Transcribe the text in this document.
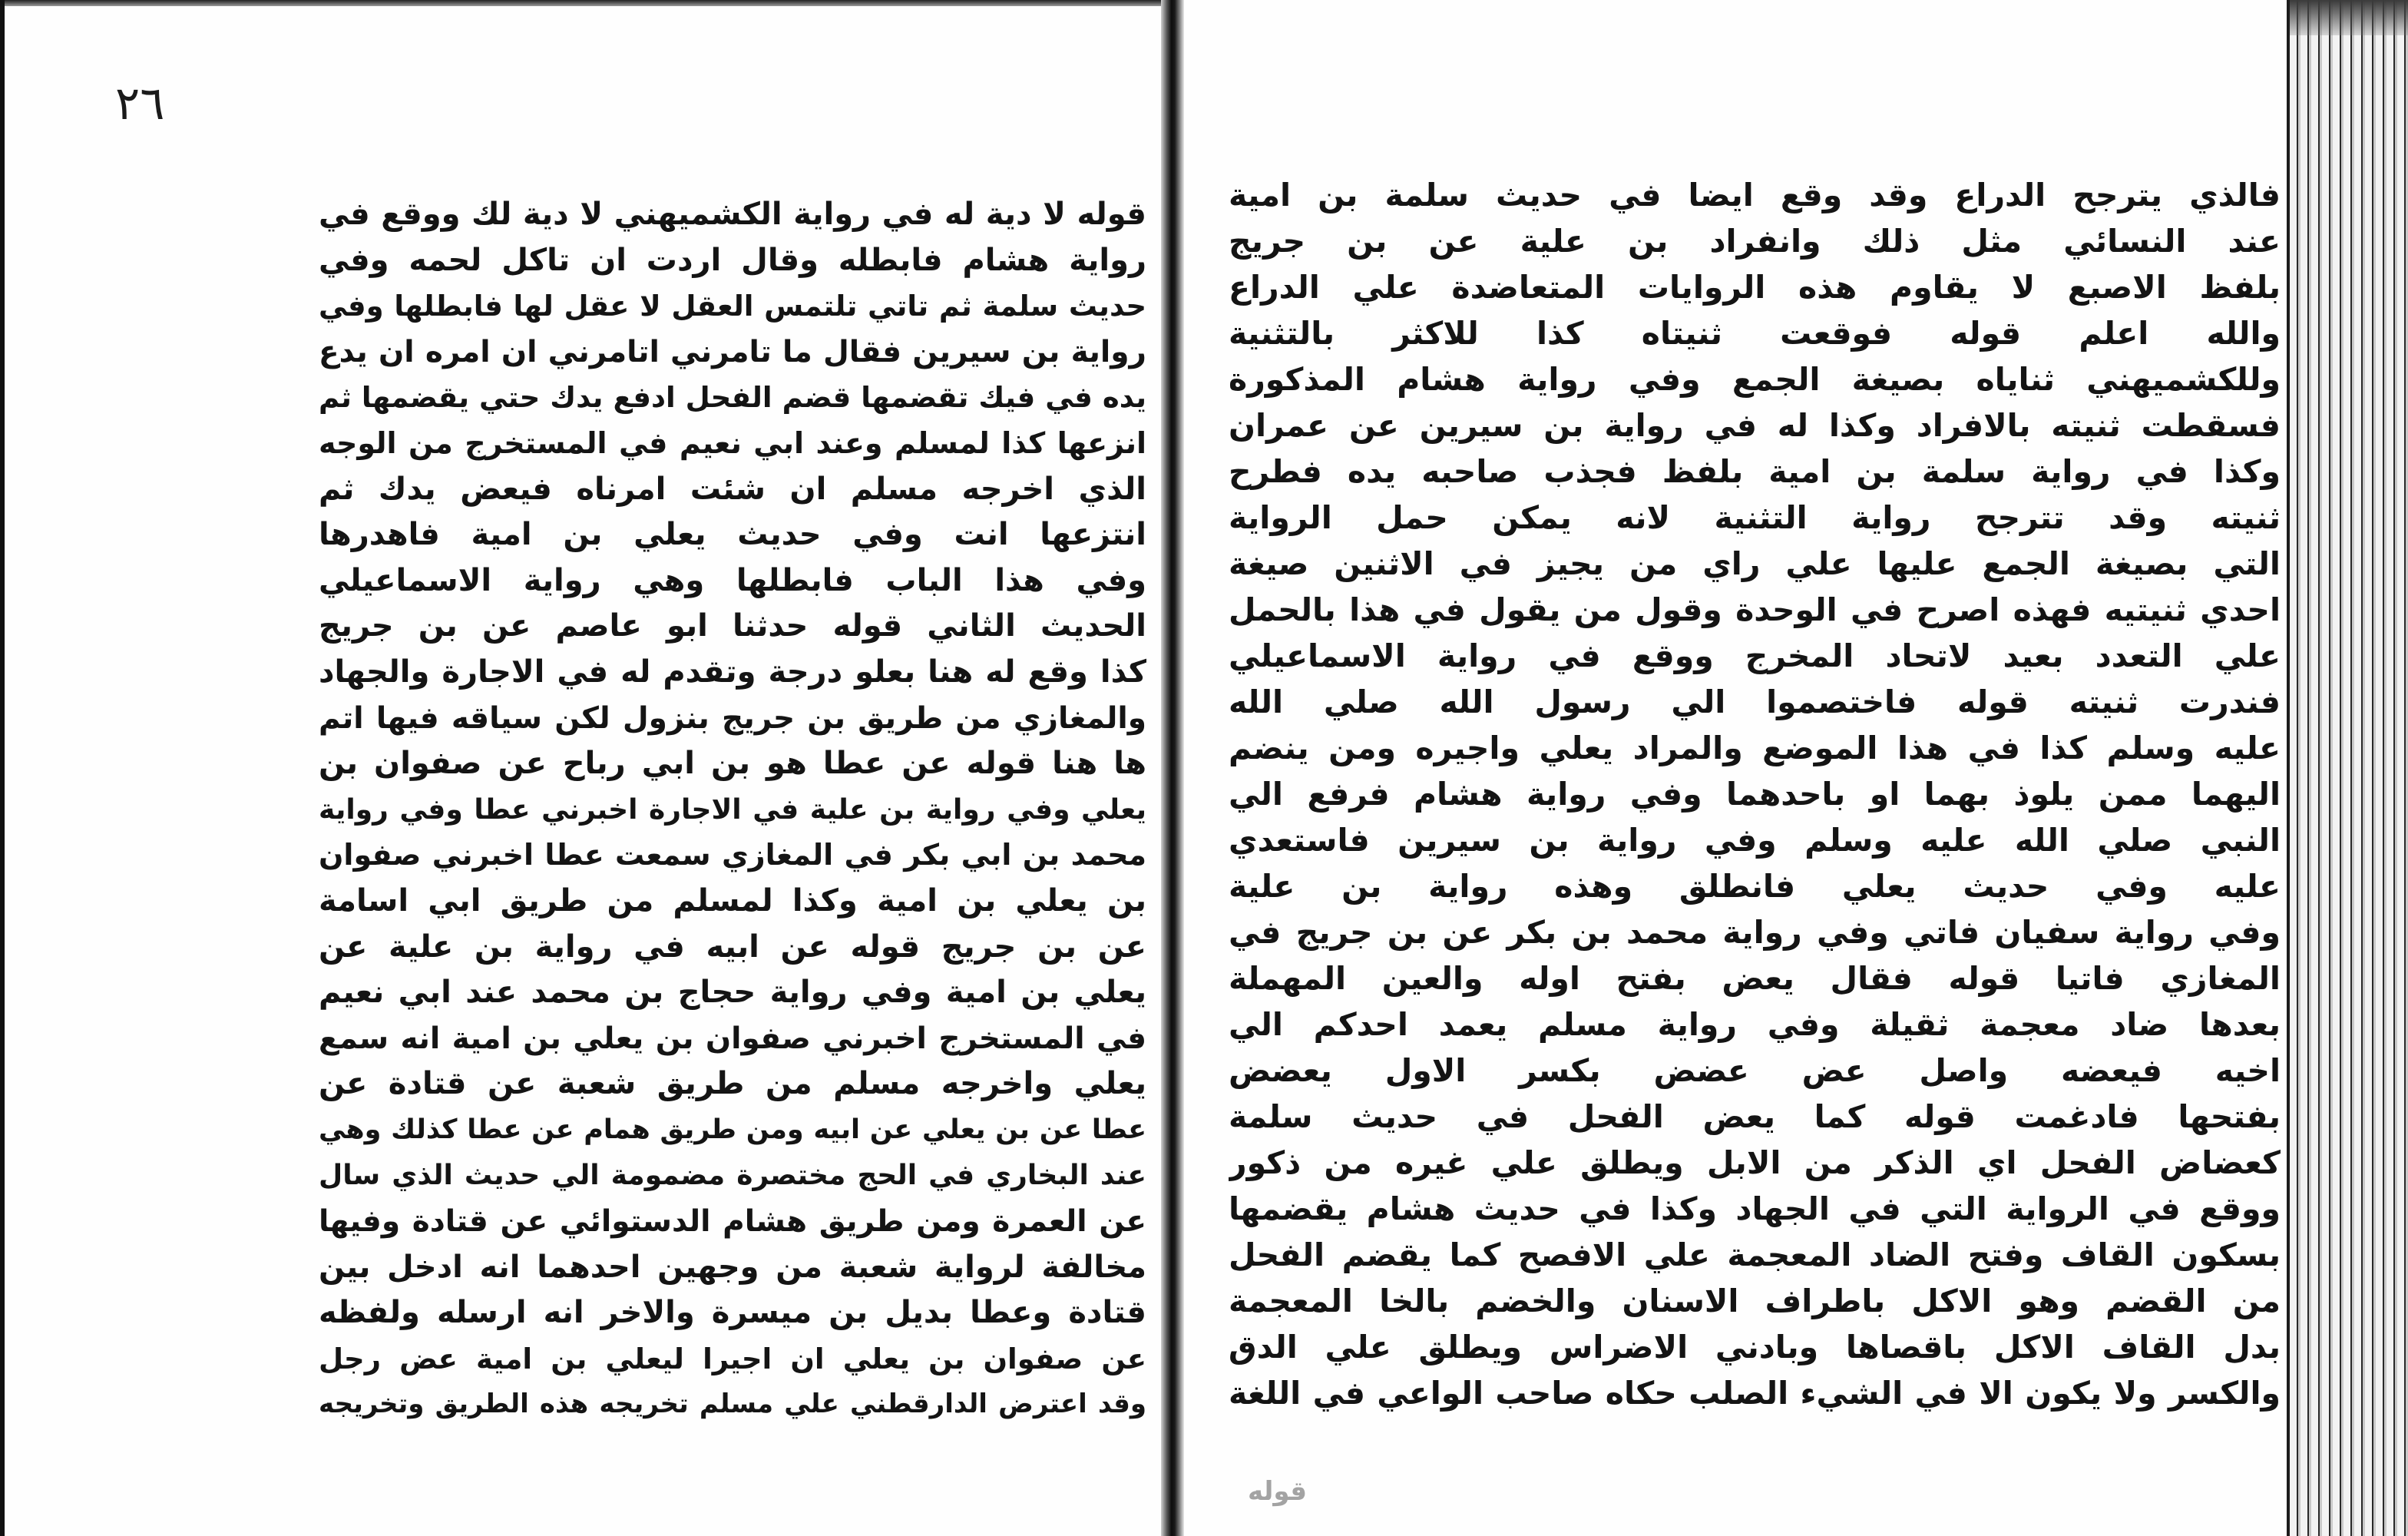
٢٦
قوله لا دية له في رواية الكشميهني لا دية لك ووقع في
رواية هشام فابطله وقال اردت ان تاكل لحمه وفي
حديث سلمة ثم تاتي تلتمس العقل لا عقل لها فابطلها وفي
رواية بن سيرين فقال ما تامرني اتامرني ان امره ان يدع
يده في فيك تقضمها قضم الفحل ادفع يدك حتي يقضمها ثم
انزعها كذا لمسلم وعند ابي نعيم في المستخرج من الوجه
الذي اخرجه مسلم ان شئت امرناه فيعض يدك ثم
انتزعها انت وفي حديث يعلي بن امية فاهدرها
وفي هذا الباب فابطلها وهي رواية الاسماعيلي
الحديث الثاني قوله حدثنا ابو عاصم عن بن جريج
كذا وقع له هنا بعلو درجة وتقدم له في الاجارة والجهاد
والمغازي من طريق بن جريج بنزول لكن سياقه فيها اتم
ها هنا قوله عن عطا هو بن ابي رباح عن صفوان بن
يعلي وفي رواية بن علية في الاجارة اخبرني عطا وفي رواية
محمد بن ابي بكر في المغازي سمعت عطا اخبرني صفوان
بن يعلي بن امية وكذا لمسلم من طريق ابي اسامة
عن بن جريج قوله عن ابيه في رواية بن علية عن
يعلي بن امية وفي رواية حجاج بن محمد عند ابي نعيم
في المستخرج اخبرني صفوان بن يعلي بن امية انه سمع
يعلي واخرجه مسلم من طريق شعبة عن قتادة عن
عطا عن بن يعلي عن ابيه ومن طريق همام عن عطا كذلك وهي
عند البخاري في الحج مختصرة مضمومة الي حديث الذي سال
عن العمرة ومن طريق هشام الدستوائي عن قتادة وفيها
مخالفة لرواية شعبة من وجهين احدهما انه ادخل بين
قتادة وعطا بديل بن ميسرة والاخر انه ارسله ولفظه
عن صفوان بن يعلي ان اجيرا ليعلي بن امية عض رجل
وقد اعترض الدارقطني علي مسلم تخريجه هذه الطريق وتخريجه
فالذي يترجح الدراع وقد وقع ايضا في حديث سلمة بن امية
عند النسائي مثل ذلك وانفراد بن علية عن بن جريج
بلفظ الاصبع لا يقاوم هذه الروايات المتعاضدة علي الدراع
والله اعلم قوله فوقعت ثنيتاه كذا للاكثر بالتثنية
وللكشميهني ثناياه بصيغة الجمع وفي رواية هشام المذكورة
فسقطت ثنيته بالافراد وكذا له في رواية بن سيرين عن عمران
وكذا في رواية سلمة بن امية بلفظ فجذب صاحبه يده فطرح
ثنيته وقد تترجح رواية التثنية لانه يمكن حمل الرواية
التي بصيغة الجمع عليها علي راي من يجيز في الاثنين صيغة
احدي ثنيتيه فهذه اصرح في الوحدة وقول من يقول في هذا بالحمل
علي التعدد بعيد لاتحاد المخرج ووقع في رواية الاسماعيلي
فندرت ثنيته قوله فاختصموا الي رسول الله صلي الله
عليه وسلم كذا في هذا الموضع والمراد يعلي واجيره ومن ينضم
اليهما ممن يلوذ بهما او باحدهما وفي رواية هشام فرفع الي
النبي صلي الله عليه وسلم وفي رواية بن سيرين فاستعدي
عليه وفي حديث يعلي فانطلق وهذه رواية بن علية
وفي رواية سفيان فاتي وفي رواية محمد بن بكر عن بن جريج في
المغازي فاتيا قوله فقال يعض بفتح اوله والعين المهملة
بعدها ضاد معجمة ثقيلة وفي رواية مسلم يعمد احدكم الي
اخيه فيعضه واصل عض عضض بكسر الاول يعضض
بفتحها فادغمت قوله كما يعض الفحل في حديث سلمة
كعضاض الفحل اي الذكر من الابل ويطلق علي غيره من ذكور
ووقع في الرواية التي في الجهاد وكذا في حديث هشام يقضمها
بسكون القاف وفتح الضاد المعجمة علي الافصح كما يقضم الفحل
من القضم وهو الاكل باطراف الاسنان والخضم بالخا المعجمة
بدل القاف الاكل باقصاها وبادني الاضراس ويطلق علي الدق
والكسر ولا يكون الا في الشيء الصلب حكاه صاحب الواعي في اللغة
قوله
